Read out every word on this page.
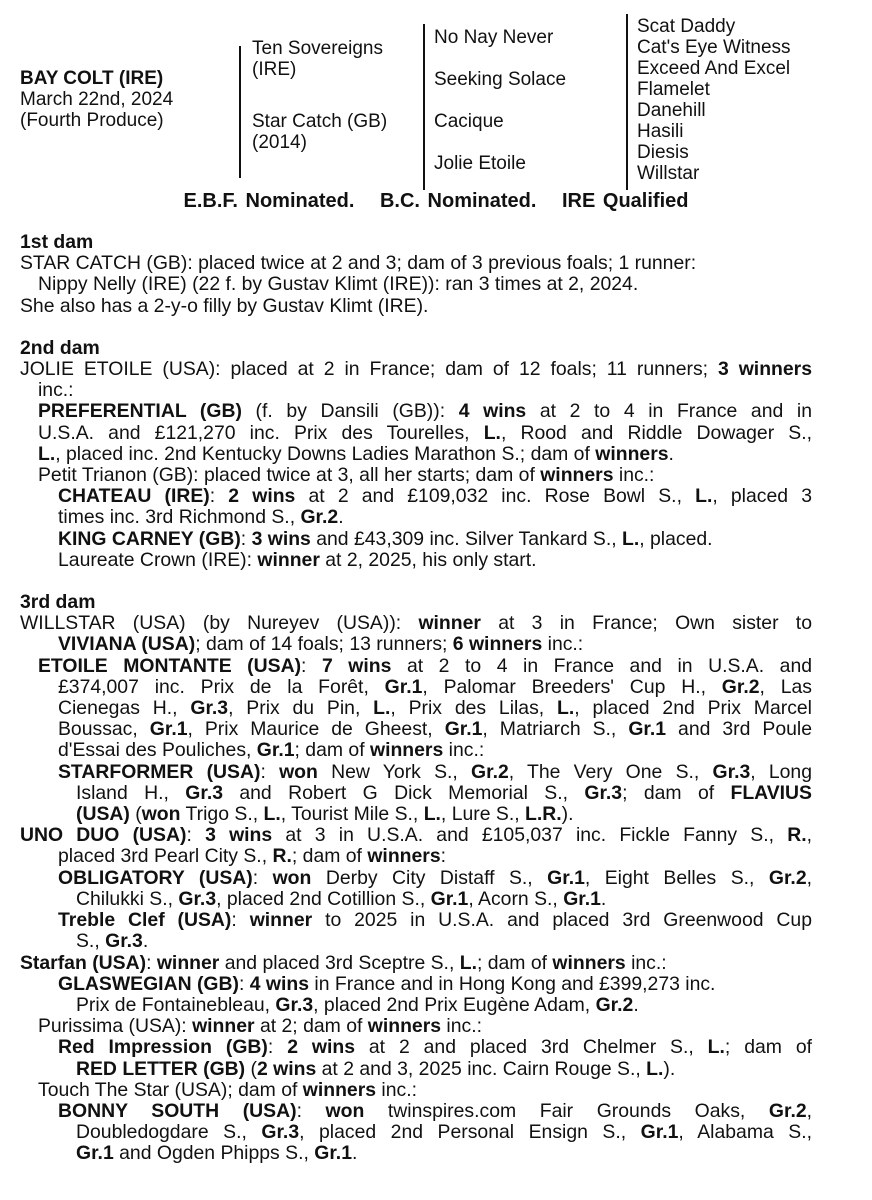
BAY COLT (IRE)
March 22nd, 2024
(Fourth Produce)
Ten Sovereigns
(IRE)
Star Catch (GB)
(2014)
No Nay Never
Seeking Solace
Cacique
Jolie Etoile
Scat Daddy
Cat's Eye Witness
Exceed And Excel
Flamelet
Danehill
Hasili
Diesis
Willstar
E.B.F. Nominated. B.C. Nominated. IRE Qualified
1st dam
STAR CATCH (GB): placed twice at 2 and 3; dam of 3 previous foals; 1 runner:
Nippy Nelly (IRE) (22 f. by Gustav Klimt (IRE)): ran 3 times at 2, 2024.
She also has a 2-y-o filly by Gustav Klimt (IRE).
2nd dam
JOLIE ETOILE (USA): placed at 2 in France; dam of 12 foals; 11 runners; 3 winners
inc.:
PREFERENTIAL (GB) (f. by Dansili (GB)): 4 wins at 2 to 4 in France and in
U.S.A. and £121,270 inc. Prix des Tourelles, L., Rood and Riddle Dowager S.,
L., placed inc. 2nd Kentucky Downs Ladies Marathon S.; dam of winners.
Petit Trianon (GB): placed twice at 3, all her starts; dam of winners inc.:
CHATEAU (IRE): 2 wins at 2 and £109,032 inc. Rose Bowl S., L., placed 3
times inc. 3rd Richmond S., Gr.2.
KING CARNEY (GB): 3 wins and £43,309 inc. Silver Tankard S., L., placed.
Laureate Crown (IRE): winner at 2, 2025, his only start.
3rd dam
WILLSTAR (USA) (by Nureyev (USA)): winner at 3 in France; Own sister to
VIVIANA (USA); dam of 14 foals; 13 runners; 6 winners inc.:
ETOILE MONTANTE (USA): 7 wins at 2 to 4 in France and in U.S.A. and
£374,007 inc. Prix de la Forêt, Gr.1, Palomar Breeders' Cup H., Gr.2, Las
Cienegas H., Gr.3, Prix du Pin, L., Prix des Lilas, L., placed 2nd Prix Marcel
Boussac, Gr.1, Prix Maurice de Gheest, Gr.1, Matriarch S., Gr.1 and 3rd Poule
d'Essai des Pouliches, Gr.1; dam of winners inc.:
STARFORMER (USA): won New York S., Gr.2, The Very One S., Gr.3, Long
Island H., Gr.3 and Robert G Dick Memorial S., Gr.3; dam of FLAVIUS
(USA) (won Trigo S., L., Tourist Mile S., L., Lure S., L.R.).
UNO DUO (USA): 3 wins at 3 in U.S.A. and £105,037 inc. Fickle Fanny S., R.,
placed 3rd Pearl City S., R.; dam of winners:
OBLIGATORY (USA): won Derby City Distaff S., Gr.1, Eight Belles S., Gr.2,
Chilukki S., Gr.3, placed 2nd Cotillion S., Gr.1, Acorn S., Gr.1.
Treble Clef (USA): winner to 2025 in U.S.A. and placed 3rd Greenwood Cup
S., Gr.3.
Starfan (USA): winner and placed 3rd Sceptre S., L.; dam of winners inc.:
GLASWEGIAN (GB): 4 wins in France and in Hong Kong and £399,273 inc.
Prix de Fontainebleau, Gr.3, placed 2nd Prix Eugène Adam, Gr.2.
Purissima (USA): winner at 2; dam of winners inc.:
Red Impression (GB): 2 wins at 2 and placed 3rd Chelmer S., L.; dam of
RED LETTER (GB) (2 wins at 2 and 3, 2025 inc. Cairn Rouge S., L.).
Touch The Star (USA); dam of winners inc.:
BONNY SOUTH (USA): won twinspires.com Fair Grounds Oaks, Gr.2,
Doubledogdare S., Gr.3, placed 2nd Personal Ensign S., Gr.1, Alabama S.,
Gr.1 and Ogden Phipps S., Gr.1.
